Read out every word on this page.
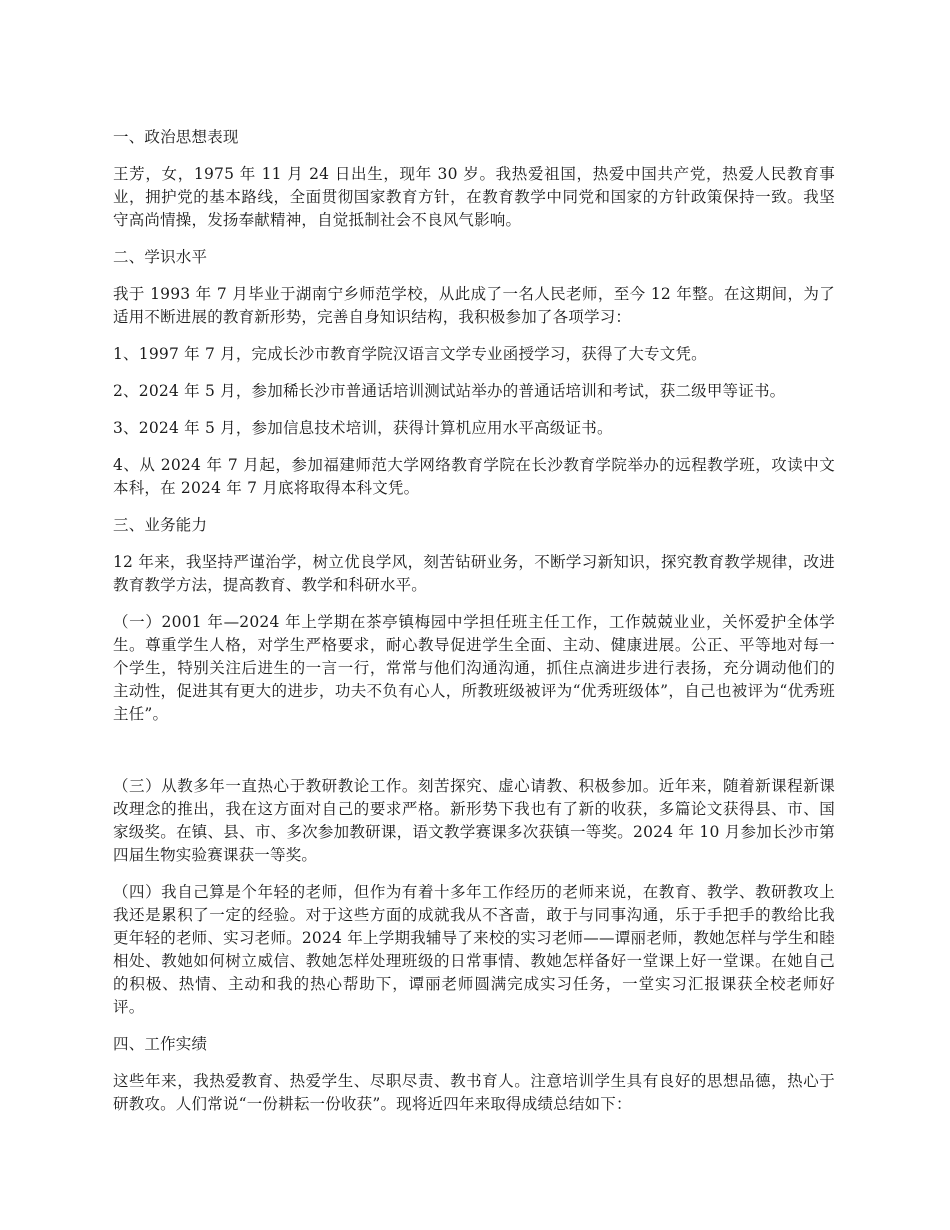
一、政治思想表现

王芳，女，1975 年 11 月 24 日出生，现年 30 岁。我热爱祖国，热爱中国共产党，热爱人民教育事业，拥护党的基本路线，全面贯彻国家教育方针，在教育教学中同党和国家的方针政策保持一致。我坚守高尚情操，发扬奉献精神，自觉抵制社会不良风气影响。

二、学识水平

我于 1993 年 7 月毕业于湖南宁乡师范学校，从此成了一名人民老师，至今 12 年整。在这期间，为了适用不断进展的教育新形势，完善自身知识结构，我积极参加了各项学习：

1、1997 年 7 月，完成长沙市教育学院汉语言文学专业函授学习，获得了大专文凭。

2、2024 年 5 月，参加稀长沙市普通话培训测试站举办的普通话培训和考试，获二级甲等证书。

3、2024 年 5 月，参加信息技术培训，获得计算机应用水平高级证书。

4、从 2024 年 7 月起，参加福建师范大学网络教育学院在长沙教育学院举办的远程教学班，攻读中文本科，在 2024 年 7 月底将取得本科文凭。

三、业务能力

12 年来，我坚持严谨治学，树立优良学风，刻苦钻研业务，不断学习新知识，探究教育教学规律，改进教育教学方法，提高教育、教学和科研水平。

（一）2001 年—2024 年上学期在茶亭镇梅园中学担任班主任工作，工作兢兢业业，关怀爱护全体学生。尊重学生人格，对学生严格要求，耐心教导促进学生全面、主动、健康进展。公正、平等地对每一个学生，特别关注后进生的一言一行，常常与他们沟通沟通，抓住点滴进步进行表扬，充分调动他们的主动性，促进其有更大的进步，功夫不负有心人，所教班级被评为“优秀班级体”，自己也被评为“优秀班主任”。

（三）从教多年一直热心于教研教论工作。刻苦探究、虚心请教、积极参加。近年来，随着新课程新课改理念的推出，我在这方面对自己的要求严格。新形势下我也有了新的收获，多篇论文获得县、市、国家级奖。在镇、县、市、多次参加教研课，语文教学赛课多次获镇一等奖。2024 年 10 月参加长沙市第四届生物实验赛课获一等奖。

（四）我自己算是个年轻的老师，但作为有着十多年工作经历的老师来说，在教育、教学、教研教攻上我还是累积了一定的经验。对于这些方面的成就我从不吝啬，敢于与同事沟通，乐于手把手的教给比我更年轻的老师、实习老师。2024 年上学期我辅导了来校的实习老师——谭丽老师，教她怎样与学生和睦相处、教她如何树立威信、教她怎样处理班级的日常事情、教她怎样备好一堂课上好一堂课。在她自己的积极、热情、主动和我的热心帮助下，谭丽老师圆满完成实习任务，一堂实习汇报课获全校老师好评。

四、工作实绩

这些年来，我热爱教育、热爱学生、尽职尽责、教书育人。注意培训学生具有良好的思想品德，热心于研教攻。人们常说“一份耕耘一份收获”。现将近四年来取得成绩总结如下：
